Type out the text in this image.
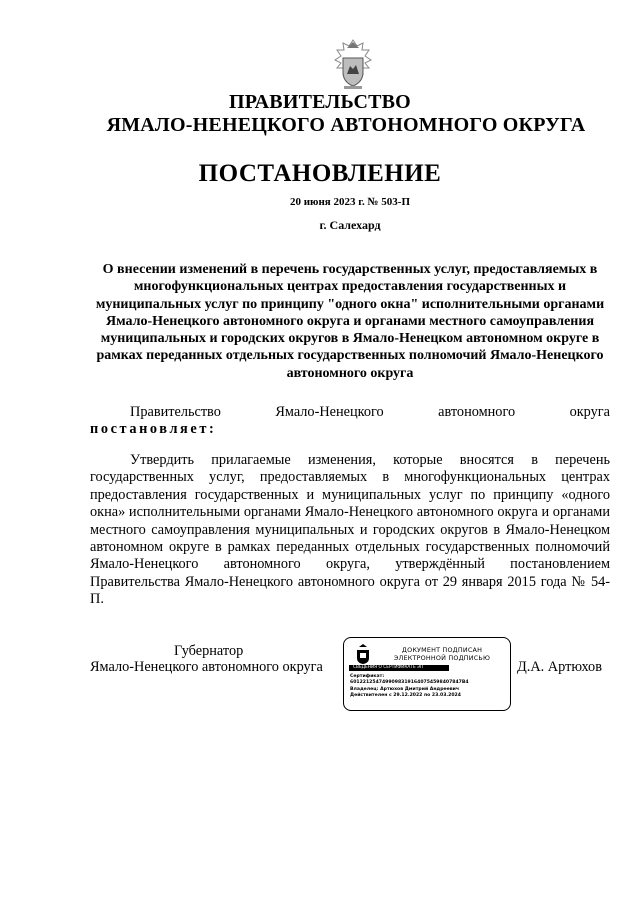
ПРАВИТЕЛЬСТВО
ЯМАЛО-НЕНЕЦКОГО АВТОНОМНОГО ОКРУГА
ПОСТАНОВЛЕНИЕ
20 июня 2023 г. № 503-П
г. Салехард
О внесении изменений в перечень государственных услуг, предоставляемых в многофункциональных центрах предоставления государственных и муниципальных услуг по принципу "одного окна" исполнительными органами Ямало-Ненецкого автономного округа и органами местного самоуправления муниципальных и городских округов в Ямало-Ненецком автономном округе в рамках переданных отдельных государственных полномочий Ямало-Ненецкого автономного округа
Правительство	Ямало-Ненецкого	автономного	округа
постановляет:
Утвердить прилагаемые изменения, которые вносятся в перечень государственных услуг, предоставляемых в многофункциональных центрах предоставления государственных и муниципальных услуг по принципу «одного окна» исполнительными органами Ямало-Ненецкого автономного округа и органами местного самоуправления муниципальных и городских округов в Ямало-Ненецком автономном округе в рамках переданных отдельных государственных полномочий Ямало-Ненецкого автономного округа, утверждённый постановлением Правительства Ямало-Ненецкого автономного округа от 29 января 2015 года № 54-П.
Губернатор
Ямало-Ненецкого автономного округа
ДОКУМЕНТ ПОДПИСАН
ЭЛЕКТРОННОЙ ПОДПИСЬЮ
СВЕДЕНИЯ О СЕРТИФИКАТЕ ЭП
Сертификат:
60122125474990983191640754598407847B4
Владелец: Артюхов Дмитрий Андреевич
Действителен с 29.12.2022 по 23.03.2024
Д.А. Артюхов
